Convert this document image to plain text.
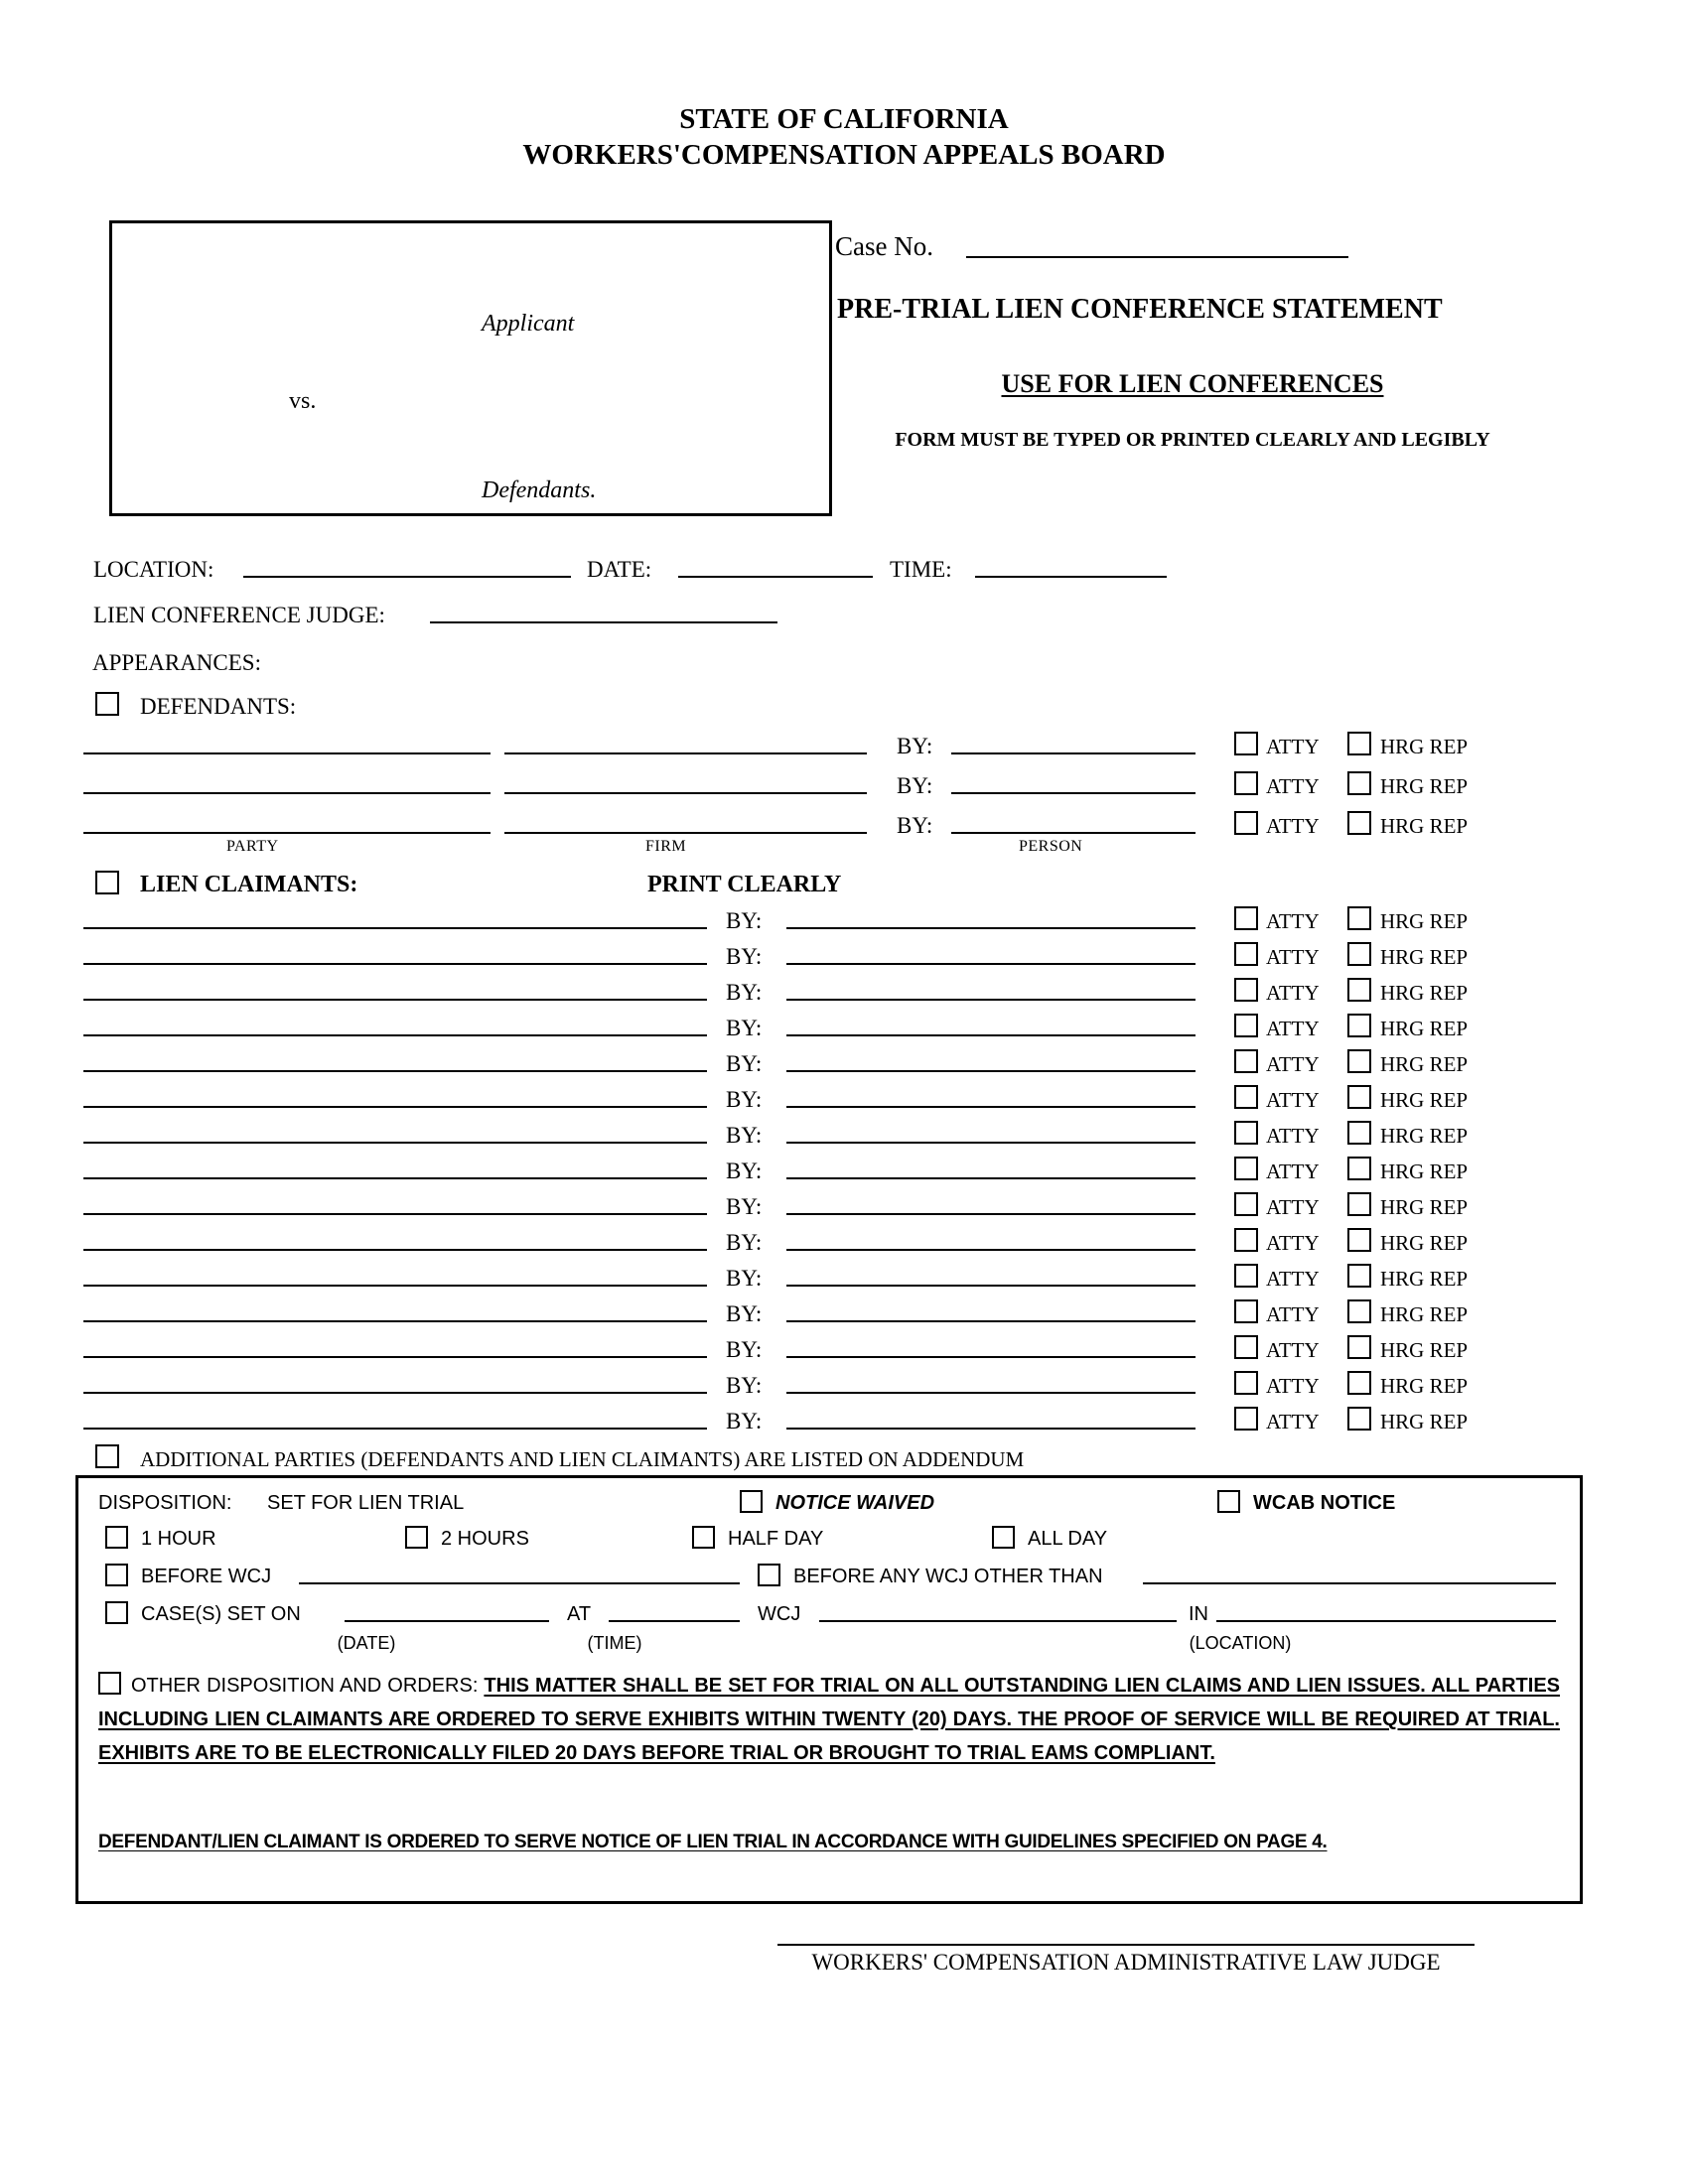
STATE OF CALIFORNIA
WORKERS'COMPENSATION APPEALS BOARD
Applicant
vs.
Defendants.
Case No.
PRE-TRIAL LIEN CONFERENCE STATEMENT
USE FOR LIEN CONFERENCES
FORM MUST BE TYPED OR PRINTED CLEARLY AND LEGIBLY
LOCATION:	DATE:	TIME:
LIEN CONFERENCE JUDGE:
APPEARANCES:
DEFENDANTS:
BY:	ATTY	HRG REP
BY:	ATTY	HRG REP
BY:	ATTY	HRG REP
PARTY	FIRM	PERSON
LIEN CLAIMANTS:	PRINT CLEARLY
BY:	ATTY	HRG REP
BY:	ATTY	HRG REP
BY:	ATTY	HRG REP
BY:	ATTY	HRG REP
BY:	ATTY	HRG REP
BY:	ATTY	HRG REP
BY:	ATTY	HRG REP
BY:	ATTY	HRG REP
BY:	ATTY	HRG REP
BY:	ATTY	HRG REP
BY:	ATTY	HRG REP
BY:	ATTY	HRG REP
BY:	ATTY	HRG REP
BY:	ATTY	HRG REP
BY:	ATTY	HRG REP
ADDITIONAL PARTIES (DEFENDANTS AND LIEN CLAIMANTS) ARE LISTED ON ADDENDUM
DISPOSITION: SET FOR LIEN TRIAL	NOTICE WAIVED	WCAB NOTICE
1 HOUR	2 HOURS	HALF DAY	ALL DAY
BEFORE WCJ	BEFORE ANY WCJ OTHER THAN
CASE(S) SET ON	AT	WCJ	IN
(DATE)	(TIME)	(LOCATION)
OTHER DISPOSITION AND ORDERS: THIS MATTER SHALL BE SET FOR TRIAL ON ALL OUTSTANDING LIEN CLAIMS AND LIEN ISSUES. ALL PARTIES INCLUDING LIEN CLAIMANTS ARE ORDERED TO SERVE EXHIBITS WITHIN TWENTY (20) DAYS. THE PROOF OF SERVICE WILL BE REQUIRED AT TRIAL. EXHIBITS ARE TO BE ELECTRONICALLY FILED 20 DAYS BEFORE TRIAL OR BROUGHT TO TRIAL EAMS COMPLIANT.
DEFENDANT/LIEN CLAIMANT IS ORDERED TO SERVE NOTICE OF LIEN TRIAL IN ACCORDANCE WITH GUIDELINES SPECIFIED ON PAGE 4.
WORKERS' COMPENSATION ADMINISTRATIVE LAW JUDGE
